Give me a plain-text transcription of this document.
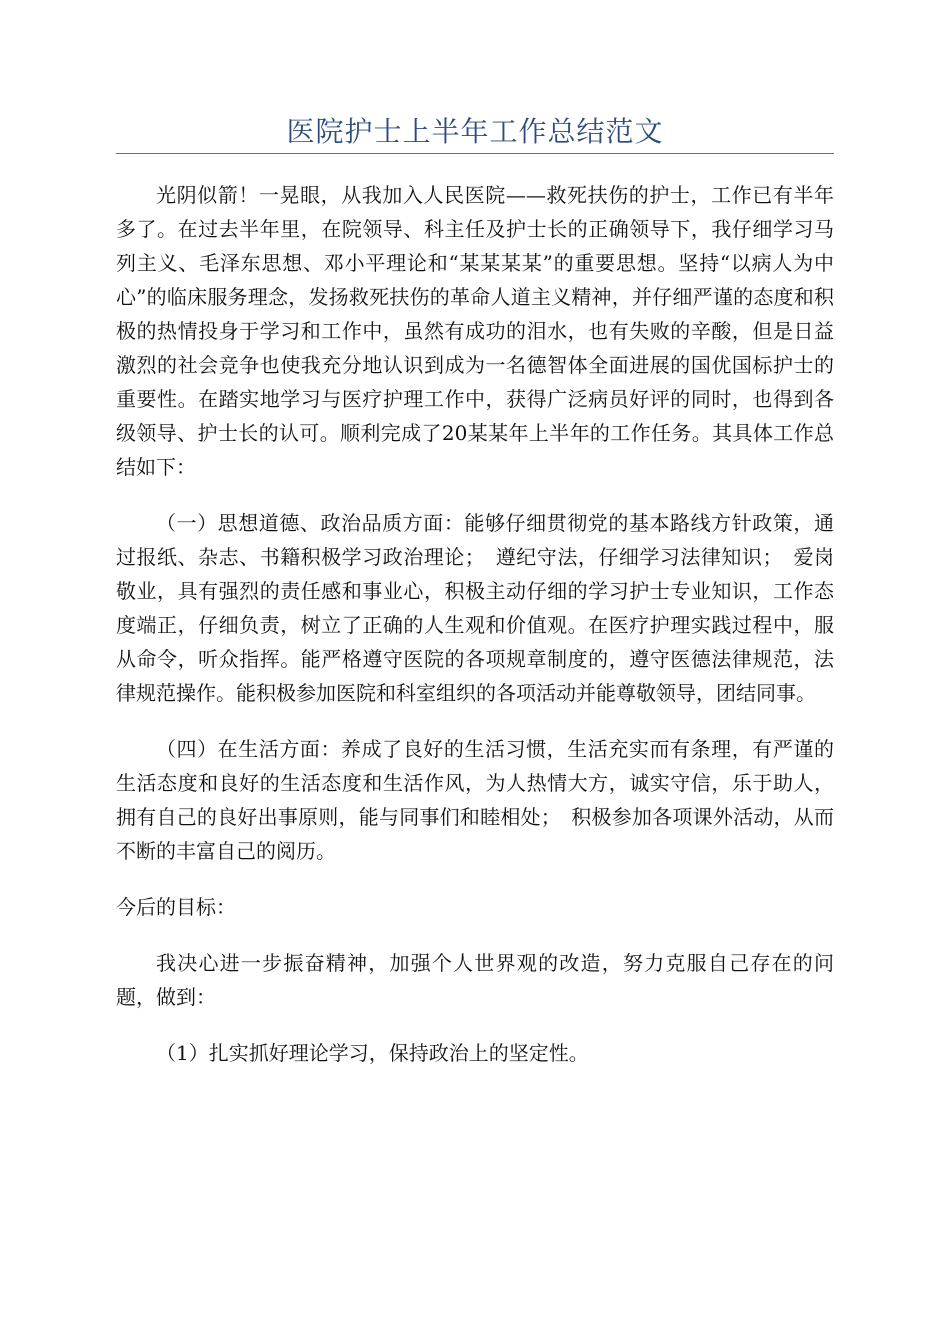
医院护士上半年工作总结范文

光阴似箭！一晃眼，从我加入人民医院——救死扶伤的护士，工作已有半年多了。在过去半年里，在院领导、科主任及护士长的正确领导下，我仔细学习马列主义、毛泽东思想、邓小平理论和“某某某某”的重要思想。坚持“以病人为中心”的临床服务理念，发扬救死扶伤的革命人道主义精神，并仔细严谨的态度和积极的热情投身于学习和工作中，虽然有成功的泪水，也有失败的辛酸，但是日益激烈的社会竞争也使我充分地认识到成为一名德智体全面进展的国优国标护士的重要性。在踏实地学习与医疗护理工作中，获得广泛病员好评的同时，也得到各级领导、护士长的认可。顺利完成了20某某年上半年的工作任务。其具体工作总结如下：

（一）思想道德、政治品质方面：能够仔细贯彻党的基本路线方针政策，通过报纸、杂志、书籍积极学习政治理论；　遵纪守法，仔细学习法律知识；　爱岗敬业，具有强烈的责任感和事业心，积极主动仔细的学习护士专业知识，工作态度端正，仔细负责，树立了正确的人生观和价值观。在医疗护理实践过程中，服从命令，听众指挥。能严格遵守医院的各项规章制度的，遵守医德法律规范，法律规范操作。能积极参加医院和科室组织的各项活动并能尊敬领导，团结同事。

（四）在生活方面：养成了良好的生活习惯，生活充实而有条理，有严谨的生活态度和良好的生活态度和生活作风，为人热情大方，诚实守信，乐于助人，拥有自己的良好出事原则，能与同事们和睦相处；　积极参加各项课外活动，从而不断的丰富自己的阅历。

今后的目标：

我决心进一步振奋精神，加强个人世界观的改造，努力克服自己存在的问题，做到：

（1）扎实抓好理论学习，保持政治上的坚定性。
